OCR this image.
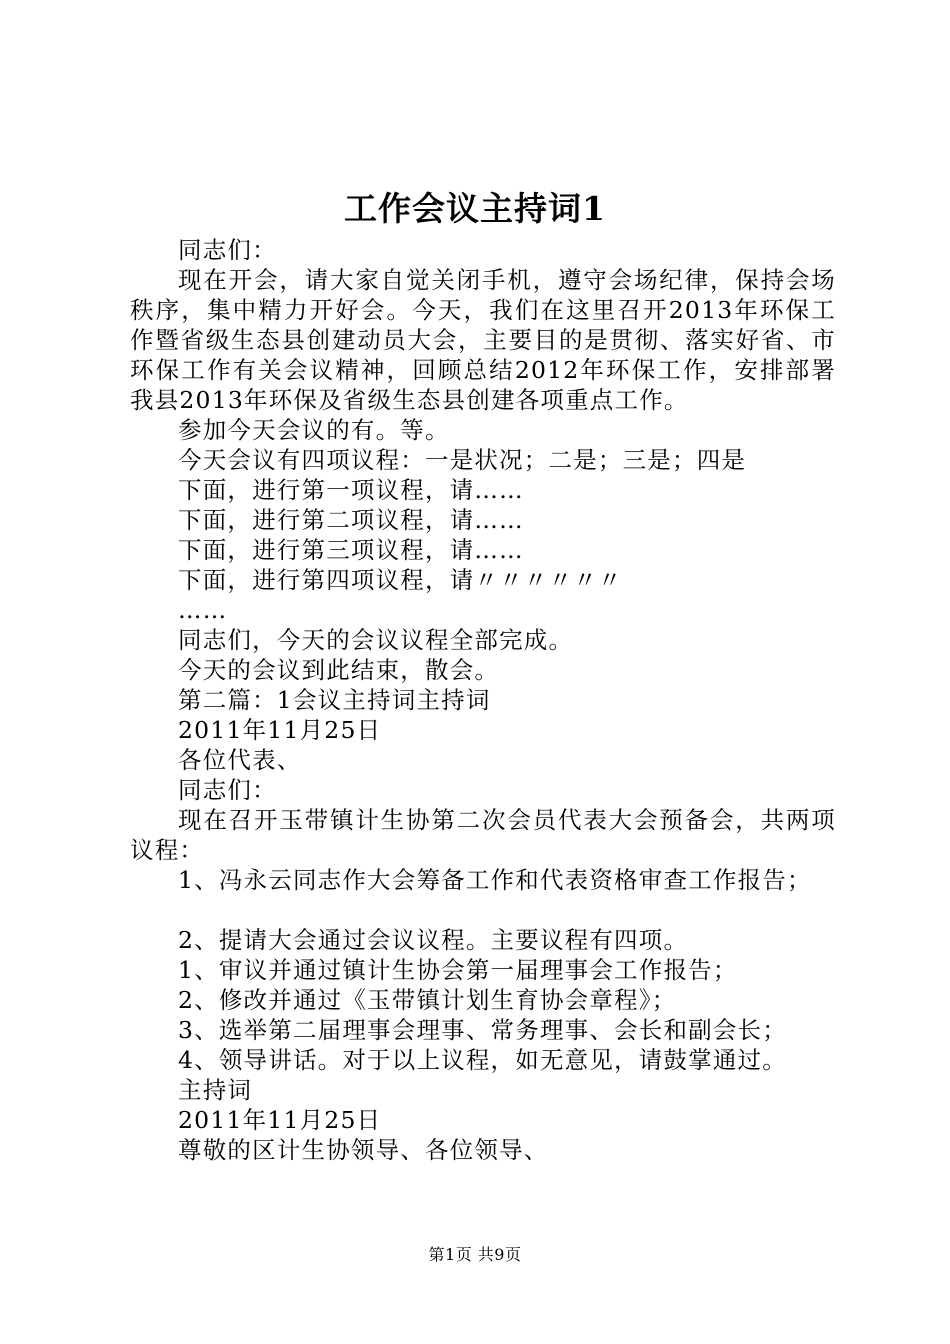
工作会议主持词1

同志们：

现在开会，请大家自觉关闭手机，遵守会场纪律，保持会场秩序，集中精力开好会。今天，我们在这里召开2013年环保工作暨省级生态县创建动员大会，主要目的是贯彻、落实好省、市环保工作有关会议精神，回顾总结2012年环保工作，安排部署我县2013年环保及省级生态县创建各项重点工作。

参加今天会议的有。等。

今天会议有四项议程：一是状况；二是；三是；四是

下面，进行第一项议程，请……

下面，进行第二项议程，请……

下面，进行第三项议程，请……

下面，进行第四项议程，请〃〃〃〃〃〃

……

同志们，今天的会议议程全部完成。

今天的会议到此结束，散会。

第二篇：1会议主持词主持词

2011年11月25日

各位代表、

同志们：

现在召开玉带镇计生协第二次会员代表大会预备会，共两项议程：

1、冯永云同志作大会筹备工作和代表资格审查工作报告；

2、提请大会通过会议议程。主要议程有四项。

1、审议并通过镇计生协会第一届理事会工作报告；

2、修改并通过《玉带镇计划生育协会章程》；

3、选举第二届理事会理事、常务理事、会长和副会长；

4、领导讲话。对于以上议程，如无意见，请鼓掌通过。

主持词

2011年11月25日

尊敬的区计生协领导、各位领导、

第1页 共9页
